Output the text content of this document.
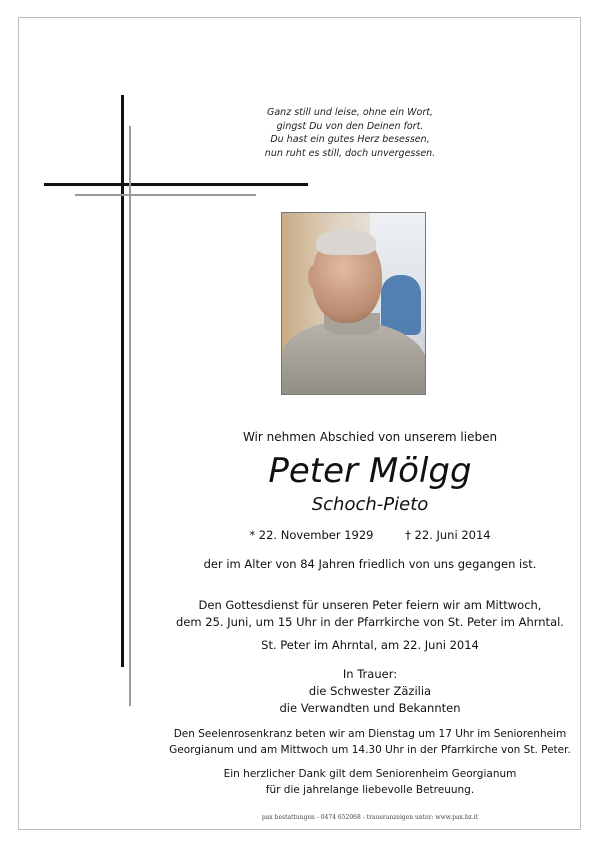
Ganz still und leise, ohne ein Wort,
gingst Du von den Deinen fort.
Du hast ein gutes Herz besessen,
nun ruht es still, doch unvergessen.
Wir nehmen Abschied von unserem lieben
Peter Mölgg
Schoch-Pieto
* 22. November 1929	† 22. Juni 2014
der im Alter von 84 Jahren friedlich von uns gegangen ist.
Den Gottesdienst für unseren Peter feiern wir am Mittwoch,
dem 25. Juni, um 15 Uhr in der Pfarrkirche von St. Peter im Ahrntal.
St. Peter im Ahrntal, am 22. Juni 2014
In Trauer:
die Schwester Zäzilia
die Verwandten und Bekannten
Den Seelenrosenkranz beten wir am Dienstag um 17 Uhr im Seniorenheim
Georgianum und am Mittwoch um 14.30 Uhr in der Pfarrkirche von St. Peter.
Ein herzlicher Dank gilt dem Seniorenheim Georgianum
für die jahrelange liebevolle Betreuung.
pax bestattungen - 0474 652068 - traueranzeigen unter: www.pax.bz.it
